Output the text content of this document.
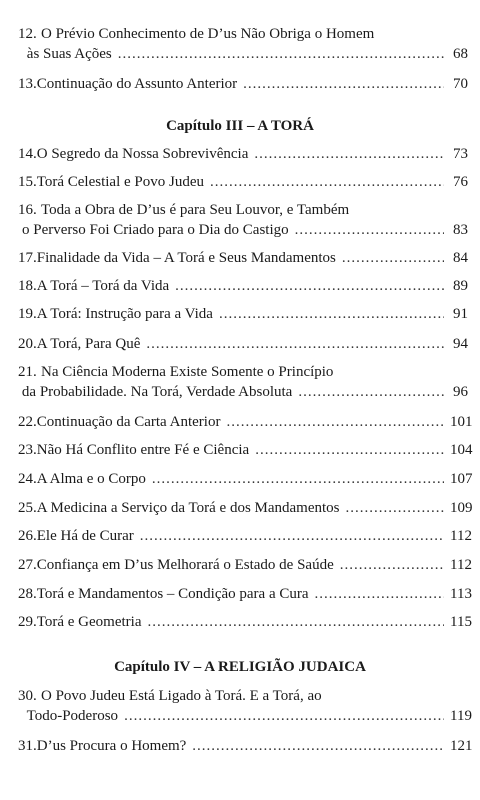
12. O Prévio Conhecimento de D’us Não Obriga o Homem
às Suas Ações .....	68
13. Continuação do Assunto Anterior .....	70
Capítulo III – A TORÁ
14. O Segredo da Nossa Sobrevivência .....	73
15. Torá Celestial e Povo Judeu .....	76
16. Toda a Obra de D’us é para Seu Louvor, e Também
o Perverso Foi Criado para o Dia do Castigo .....	83
17. Finalidade da Vida – A Torá e Seus Mandamentos .....	84
18. A Torá – Torá da Vida .....	89
19. A Torá: Instrução para a Vida .....	91
20. A Torá, Para Quê .....	94
21. Na Ciência Moderna Existe Somente o Princípio
da Probabilidade. Na Torá, Verdade Absoluta .....	96
22. Continuação da Carta Anterior .....	101
23. Não Há Conflito entre Fé e Ciência .....	104
24. A Alma e o Corpo .....	107
25. A Medicina a Serviço da Torá e dos Mandamentos .....	109
26. Ele Há de Curar .....	112
27. Confiança em D’us Melhorará o Estado de Saúde .....	112
28. Torá e Mandamentos – Condição para a Cura .....	113
29. Torá e Geometria .....	115
Capítulo IV – A RELIGIÃO JUDAICA
30. O Povo Judeu Está Ligado à Torá. E a Torá, ao
Todo-Poderoso .....	119
31. D’us Procura o Homem? .....	121
